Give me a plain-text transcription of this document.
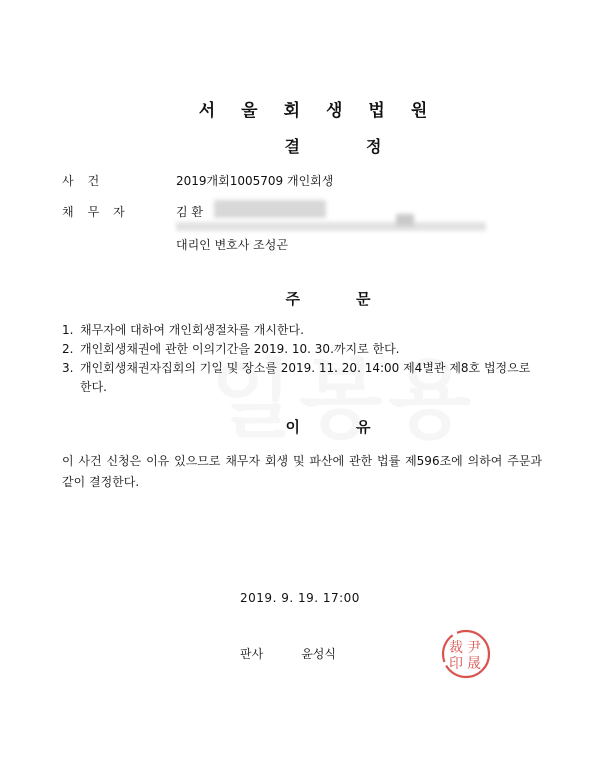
서울회생법원
결정
사건	2019개회1005709 개인회생
채무자	김 환
대리인 변호사 조성곤
주문
1. 채무자에 대하여 개인회생절차를 개시한다.
2. 개인회생채권에 관한 이의기간을 2019. 10. 30.까지로 한다.
3. 개인회생채권자집회의 기일 및 장소를 2019. 11. 20. 14:00 제4별관 제8호 법정으로 한다.
이유
이 사건 신청은 이유 있으므로 채무자 회생 및 파산에 관한 법률 제596조에 의하여 주문과 같이 결정한다.
2019. 9. 19. 17:00
판사	윤성식	裁 尹
印 晟
